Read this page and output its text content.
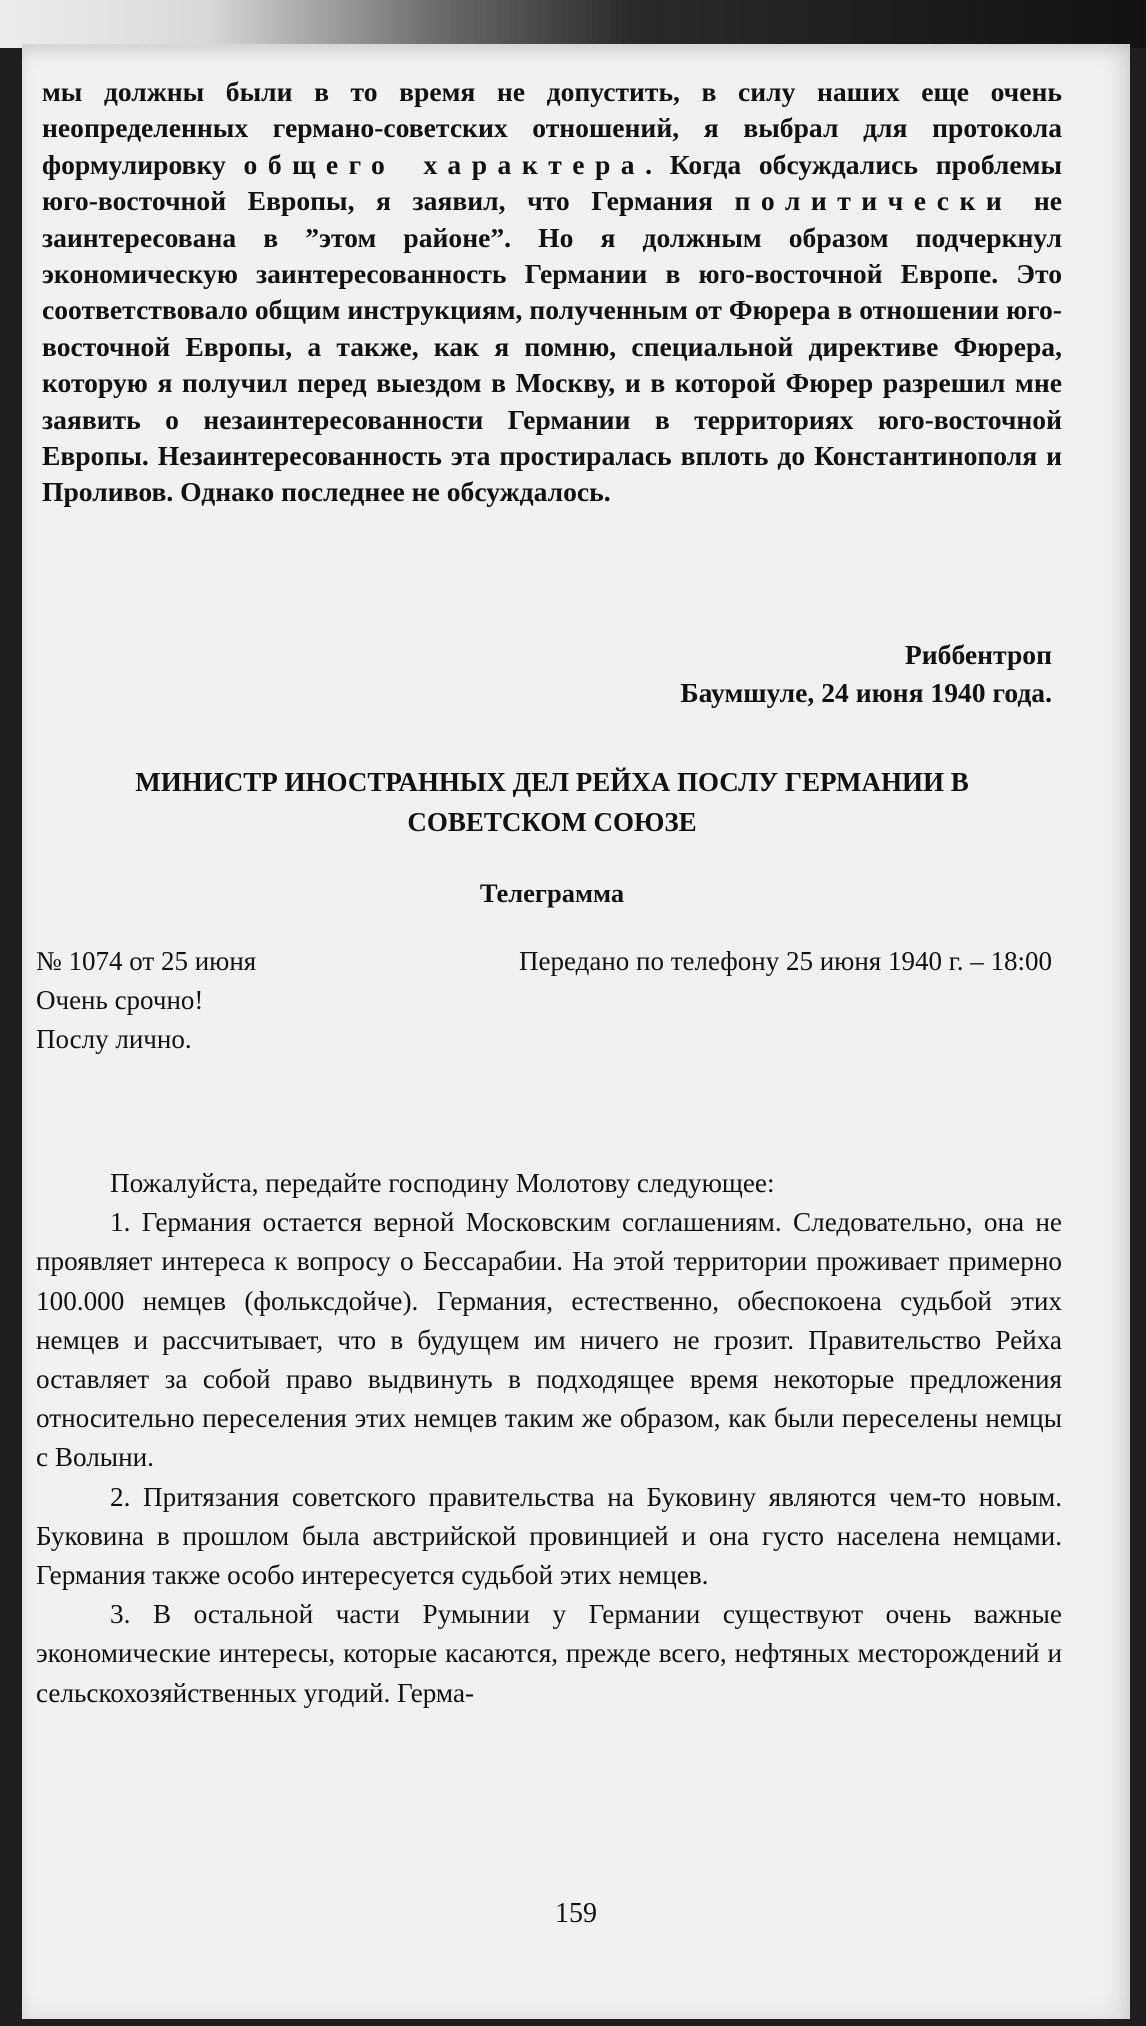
мы должны были в то время не допустить, в силу наших еще очень неопределенных германо-советских отношений, я выбрал для протокола формулировку общего характера. Когда обсуждались проблемы юго-восточной Европы, я заявил, что Германия политически не заинтересована в ”этом районе”. Но я должным образом подчеркнул экономическую заинтересованность Германии в юго-восточной Европе. Это соответствовало общим инструкциям, полученным от Фюрера в отношении юго-восточной Европы, а также, как я помню, специальной директиве Фюрера, которую я получил перед выездом в Москву, и в которой Фюрер разрешил мне заявить о незаинтересованности Германии в территориях юго-восточной Европы. Незаинтересованность эта простиралась вплоть до Константинополя и Проливов. Однако последнее не обсуждалось.
Риббентроп
Баумшуле, 24 июня 1940 года.
МИНИСТР ИНОСТРАННЫХ ДЕЛ РЕЙХА ПОСЛУ ГЕРМАНИИ В
СОВЕТСКОМ СОЮЗЕ
Телеграмма
№ 1074 от 25 июня
Очень срочно!
Послу лично.
Передано по телефону 25 июня 1940 г. – 18:00

Пожалуйста, передайте господину Молотову следующее:

1. Германия остается верной Московским соглашениям. Следовательно, она не проявляет интереса к вопросу о Бессарабии. На этой территории проживает примерно 100.000 немцев (фольксдойче). Германия, естественно, обеспокоена судьбой этих немцев и рассчитывает, что в будущем им ничего не грозит. Правительство Рейха оставляет за собой право выдвинуть в подходящее время некоторые предложения относительно переселения этих немцев таким же образом, как были переселены немцы с Волыни.

2. Притязания советского правительства на Буковину являются чем-то новым. Буковина в прошлом была австрийской провинцией и она густо населена немцами. Германия также особо интересуется судьбой этих немцев.

3. В остальной части Румынии у Германии существуют очень важные экономические интересы, которые касаются, прежде всего, нефтяных месторождений и сельскохозяйственных угодий. Герма-

159
